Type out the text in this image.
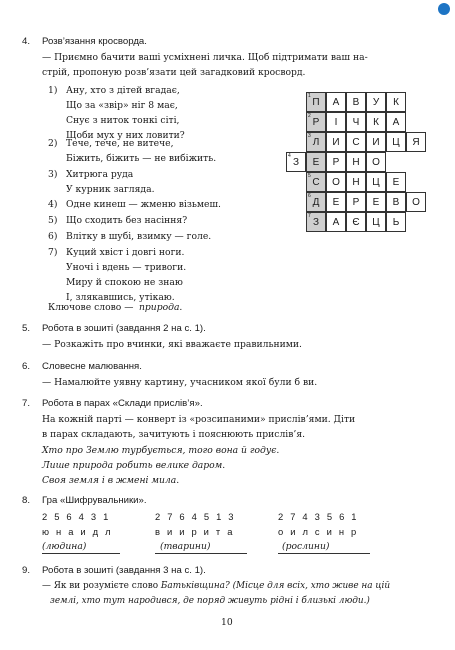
4. Розв’язання кросворда.
— Приємно бачити ваші усміхнені личка. Щоб підтримати ваш на-
стрій, пропоную розв’язати цей загадковий кросворд.
1) Ану, хто з дітей вгадає,
Що за «звір» ніг 8 має,
Снує з ниток тонкі сіті,
Щоби мух у них ловити?
2) Тече, тече, не витече,
Біжить, біжить — не вибіжить.
3) Хитрюга руда
У курник загляда.
4) Одне кинеш — жменю візьмеш.
5) Що сходить без насіння?
6) Влітку в шубі, взимку — голе.
7) Куций хвіст і довгі ноги.
Уночі і вдень — тривоги.
Миру й спокою не знаю
І, злякавшись, утікаю.
Ключове слово — природа.
1
П А В У К
2
Р І Ч К А
3
Л И С И Ц Я
4
З Е Р Н О
5
С О Н Ц Е
6
Д Е Р Е В О
7
З А Є Ц Ь
5. Робота в зошиті (завдання 2 на с. 1).
— Розкажіть про вчинки, які вважаєте правильними.
6. Словесне малювання.
— Намалюйте уявну картину, учасником якої були б ви.
7. Робота в парах «Склади прислів’я».
На кожній парті — конверт із «розсипаними» прислів’ями. Діти
в парах складають, зачитують і пояснюють прислів’я.
Хто про Землю турбується, того вона й годує.
Лише природа робить велике даром.
Своя земля і в жмені мила.
8. Гра «Шифрувальники».
2 5 6 4 3 1
ю н а и д л
(людина)
2 7 6 4 5 1 3
в и и р и т а
(тварини)
2 7 4 3 5 6 1
о и л с и н р
(рослини)
9. Робота в зошиті (завдання 3 на с. 1).
— Як ви розумієте слово Батьківщина? (Місце для всіх, хто живе на цій
землі, хто тут народився, де поряд живуть рідні і близькі люди.)
10
